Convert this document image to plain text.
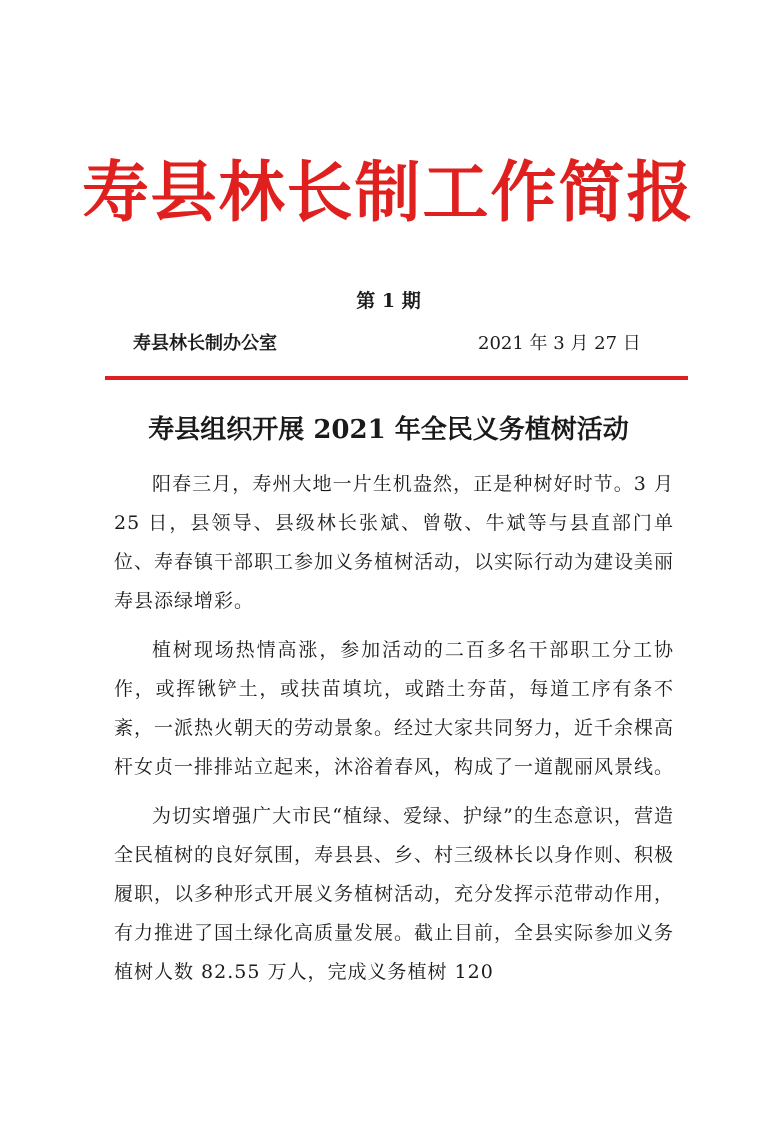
寿县林长制工作简报
第 1 期
寿县林长制办公室	2021 年 3 月 27 日
寿县组织开展 2021 年全民义务植树活动

阳春三月，寿州大地一片生机盎然，正是种树好时节。3 月 25 日，县领导、县级林长张斌、曾敬、牛斌等与县直部门单位、寿春镇干部职工参加义务植树活动，以实际行动为建设美丽寿县添绿增彩。

植树现场热情高涨，参加活动的二百多名干部职工分工协作，或挥锹铲土，或扶苗填坑，或踏土夯苗，每道工序有条不紊，一派热火朝天的劳动景象。经过大家共同努力，近千余棵高杆女贞一排排站立起来，沐浴着春风，构成了一道靓丽风景线。

为切实增强广大市民“植绿、爱绿、护绿”的生态意识，营造全民植树的良好氛围，寿县县、乡、村三级林长以身作则、积极履职，以多种形式开展义务植树活动，充分发挥示范带动作用，有力推进了国土绿化高质量发展。截止目前，全县实际参加义务植树人数 82.55 万人，完成义务植树 120
